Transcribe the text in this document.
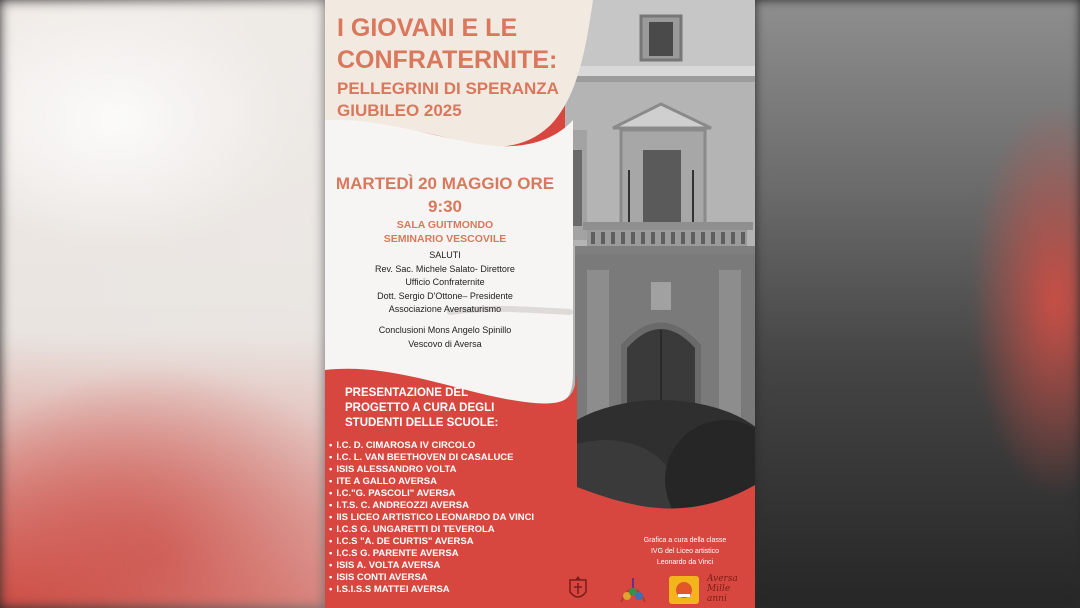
I GIOVANI E LE
CONFRATERNITE:
PELLEGRINI DI SPERANZA
GIUBILEO 2025
MARTEDÌ 20 MAGGIO ORE
9:30
SALA GUITMONDO
SEMINARIO VESCOVILE
SALUTI
Rev. Sac. Michele Salato- Direttore
Ufficio Confraternite
Dott. Sergio D'Ottone– Presidente
Associazione Aversaturismo
Conclusioni Mons Angelo Spinillo
Vescovo di Aversa
PRESENTAZIONE DEL
PROGETTO A CURA DEGLI
STUDENTI DELLE SCUOLE:
• I.C. D. CIMAROSA IV CIRCOLO
• I.C. L. VAN BEETHOVEN DI CASALUCE
• ISIS ALESSANDRO VOLTA
• ITE A GALLO AVERSA
• I.C."G. PASCOLI" AVERSA
• I.T.S. C. ANDREOZZI AVERSA
• IIS LICEO ARTISTICO LEONARDO DA VINCI
• I.C.S G. UNGARETTI DI TEVEROLA
• I.C.S "A. DE CURTIS" AVERSA
• I.C.S G. PARENTE AVERSA
• ISIS A. VOLTA AVERSA
• ISIS CONTI AVERSA
• I.S.I.S.S MATTEI AVERSA
Grafica a cura della classe
IVG del Liceo artistico
Leonardo da Vinci
Aversa Mille anni
